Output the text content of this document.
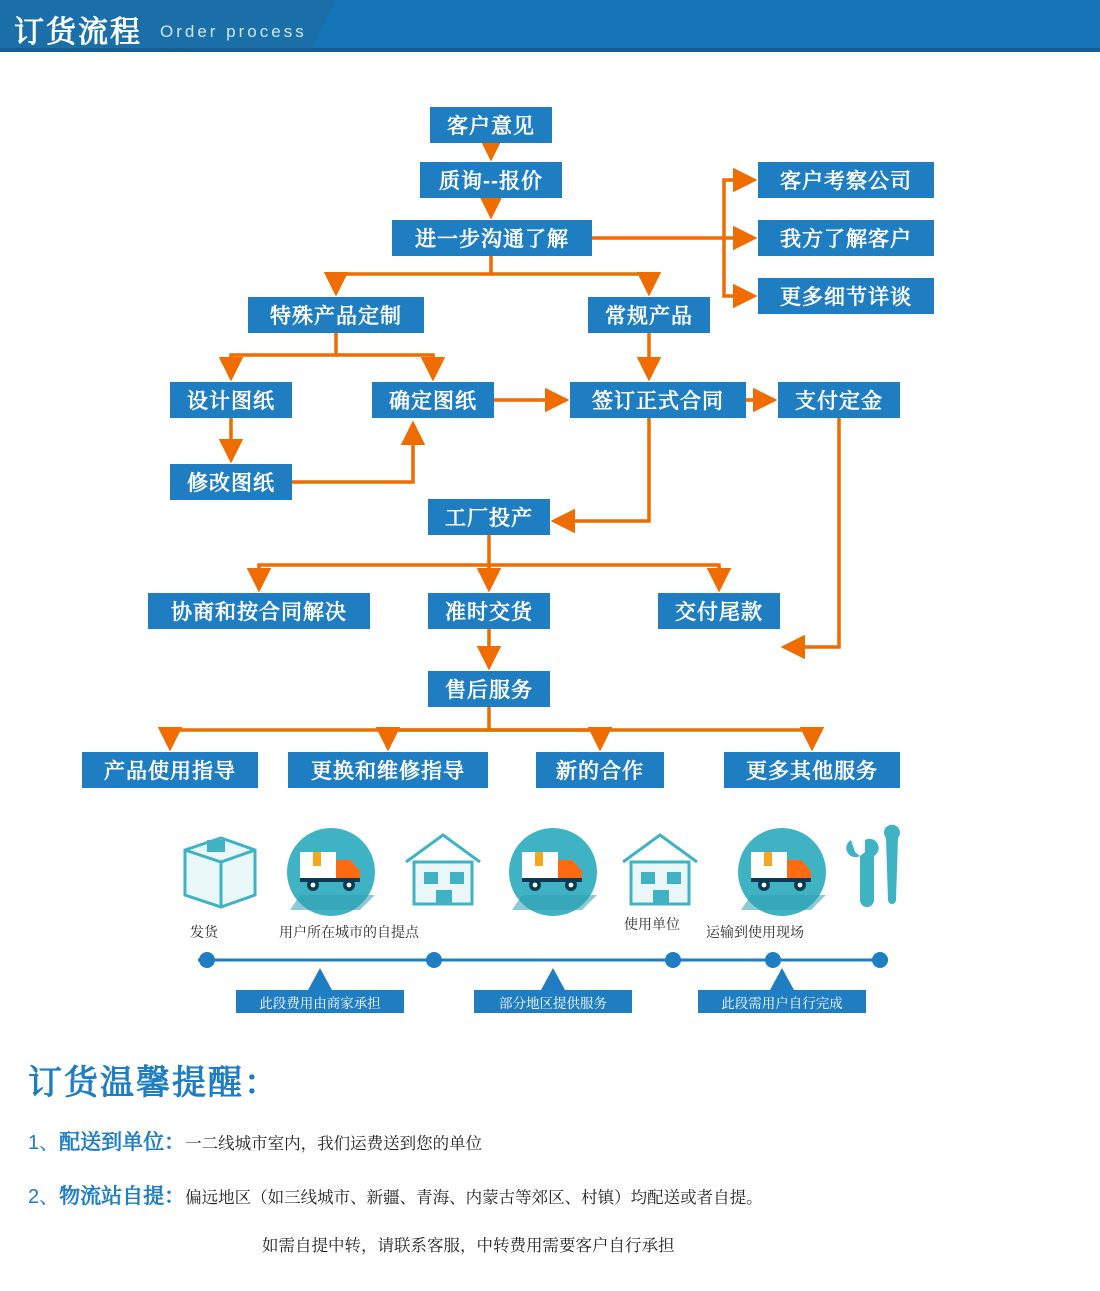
订货流程 Order process
客户意见
质询--报价
进一步沟通了解
客户考察公司
我方了解客户
更多细节详谈
特殊产品定制	常规产品
设计图纸	确定图纸	签订正式合同	支付定金
修改图纸
工厂投产
协商和按合同解决	准时交货	交付尾款
售后服务
产品使用指导	更换和维修指导	新的合作	更多其他服务
发货	用户所在城市的自提点	使用单位 运输到使用现场
此段费用由商家承担	部分地区提供服务	此段需用户自行完成
订货温馨提醒：
1、配送到单位：一二线城市室内，我们运费送到您的单位
2、物流站自提：偏远地区（如三线城市、新疆、青海、内蒙古等郊区、村镇）均配送或者自提。
如需自提中转，请联系客服，中转费用需要客户自行承担
